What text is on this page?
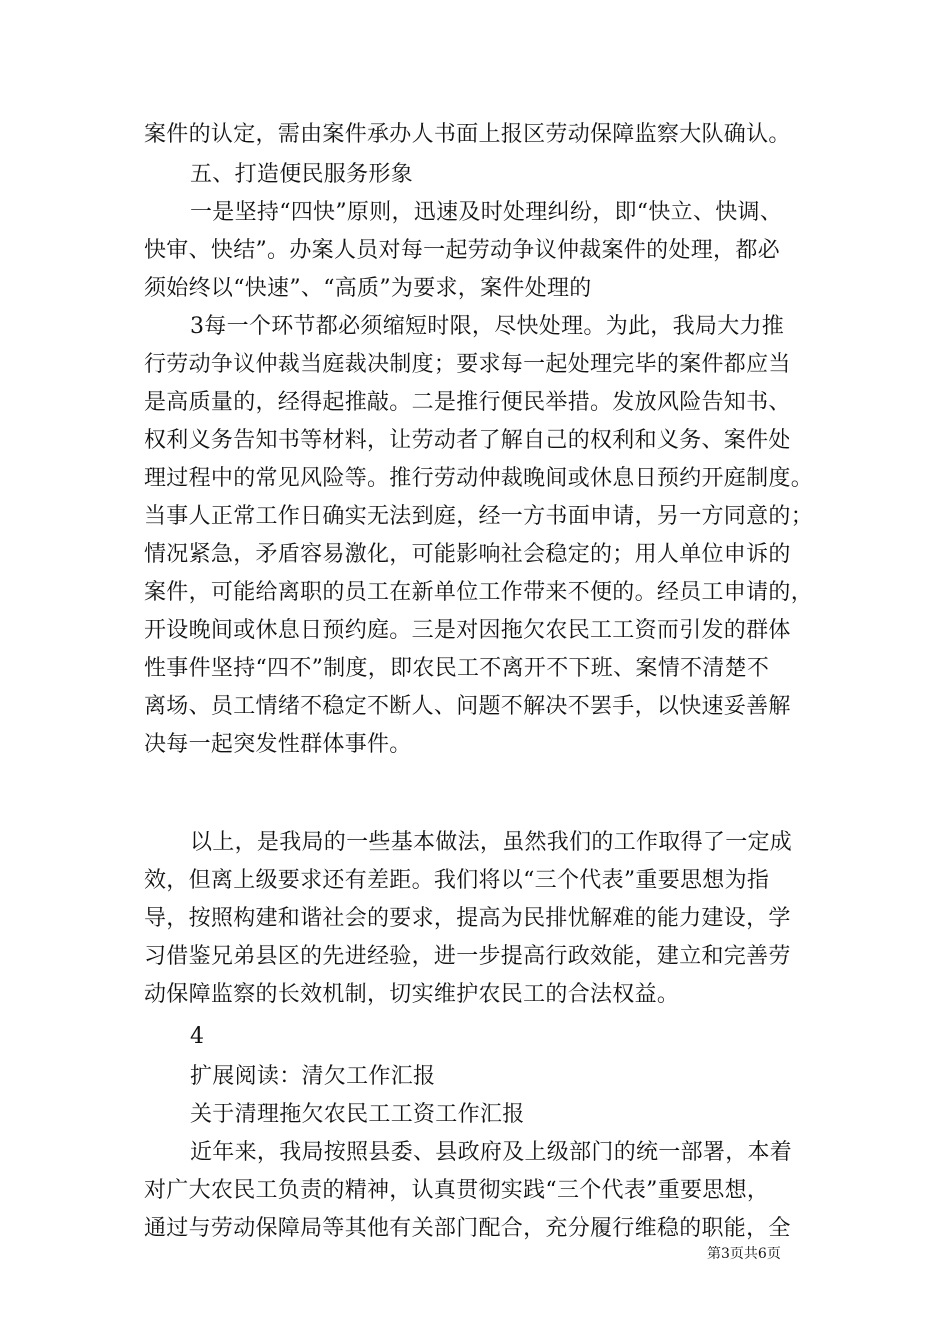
案件的认定，需由案件承办人书面上报区劳动保障监察大队确认。

五、打造便民服务形象

一是坚持“四快”原则，迅速及时处理纠纷，即“快立、快调、

快审、快结”。办案人员对每一起劳动争议仲裁案件的处理，都必

须始终以“快速”、“高质”为要求，案件处理的

3每一个环节都必须缩短时限，尽快处理。为此，我局大力推

行劳动争议仲裁当庭裁决制度；要求每一起处理完毕的案件都应当

是高质量的，经得起推敲。二是推行便民举措。发放风险告知书、

权利义务告知书等材料，让劳动者了解自己的权利和义务、案件处

理过程中的常见风险等。推行劳动仲裁晚间或休息日预约开庭制度。

当事人正常工作日确实无法到庭，经一方书面申请，另一方同意的；

情况紧急，矛盾容易激化，可能影响社会稳定的；用人单位申诉的

案件，可能给离职的员工在新单位工作带来不便的。经员工申请的，

开设晚间或休息日预约庭。三是对因拖欠农民工工资而引发的群体

性事件坚持“四不”制度，即农民工不离开不下班、案情不清楚不

离场、员工情绪不稳定不断人、问题不解决不罢手，以快速妥善解

决每一起突发性群体事件。

以上，是我局的一些基本做法，虽然我们的工作取得了一定成

效，但离上级要求还有差距。我们将以“三个代表”重要思想为指

导，按照构建和谐社会的要求，提高为民排忧解难的能力建设，学

习借鉴兄弟县区的先进经验，进一步提高行政效能，建立和完善劳

动保障监察的长效机制，切实维护农民工的合法权益。

4

扩展阅读：清欠工作汇报

关于清理拖欠农民工工资工作汇报

近年来，我局按照县委、县政府及上级部门的统一部署，本着

对广大农民工负责的精神，认真贯彻实践“三个代表”重要思想，

通过与劳动保障局等其他有关部门配合，充分履行维稳的职能，全

第3页共6页
